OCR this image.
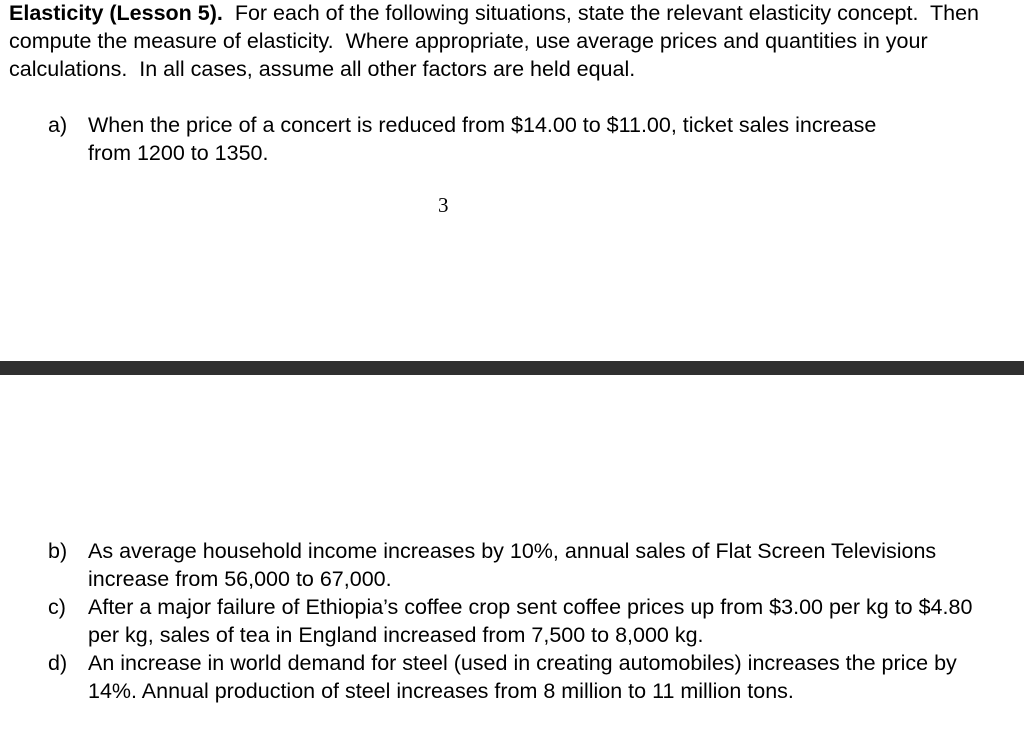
Elasticity (Lesson 5).  For each of the following situations, state the relevant elasticity concept.  Then compute the measure of elasticity.  Where appropriate, use average prices and quantities in your calculations.  In all cases, assume all other factors are held equal.

a) When the price of a concert is reduced from $14.00 to $11.00, ticket sales increase from 1200 to 1350.
3
b) As average household income increases by 10%, annual sales of Flat Screen Televisions increase from 56,000 to 67,000.
c)	After a major failure of Ethiopia’s coffee crop sent coffee prices up from $3.00 per kg to $4.80 per kg, sales of tea in England increased from 7,500 to 8,000 kg.
d) An increase in world demand for steel (used in creating automobiles) increases the price by 14%. Annual production of steel increases from 8 million to 11 million tons.
